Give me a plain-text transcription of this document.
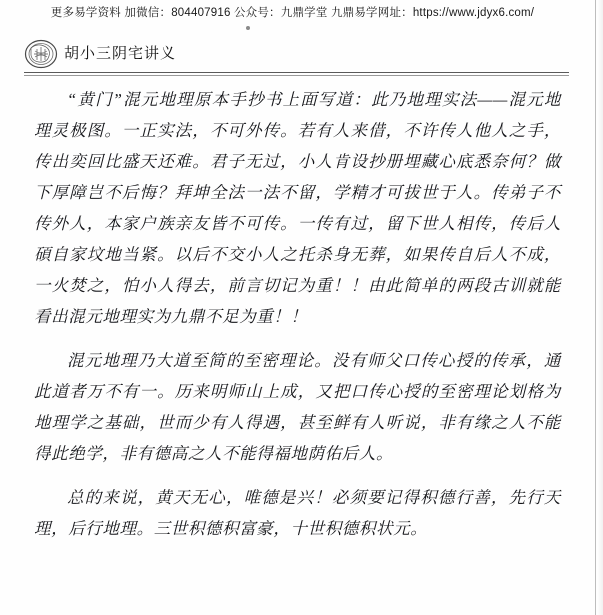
更多易学资料 加微信：804407916 公众号：九鼎学堂 九鼎易学网址：https://www.jdyx6.com/
胡小三阴宅讲义

“黄门”混元地理原本手抄书上面写道：此乃地理实法——混元地理灵极图。一正实法，不可外传。若有人来借，不许传人他人之手，传出奕回比盛天还难。君子无过，小人肯设抄册埋藏心底悉奈何？做下厚障岂不后悔？拜坤全法一法不留，学精才可拔世于人。传弟子不传外人，本家户族亲友皆不可传。一传有过，留下世人相传，传后人碩自家坟地当紧。以后不交小人之托杀身无葬，如果传自后人不成，一火焚之，怕小人得去，前言切记为重！！由此简单的两段古训就能看出混元地理实为九鼎不足为重！！

混元地理乃大道至简的至密理论。没有师父口传心授的传承，通此道者万不有一。历来明师山上成，又把口传心授的至密理论划格为地理学之基础，世而少有人得遇，甚至鲜有人听说，非有缘之人不能得此绝学，非有德高之人不能得福地荫佑后人。

总的来说，黄天无心，唯德是兴！必须要记得积德行善，先行天理，后行地理。三世积德积富豪，十世积德积状元。
